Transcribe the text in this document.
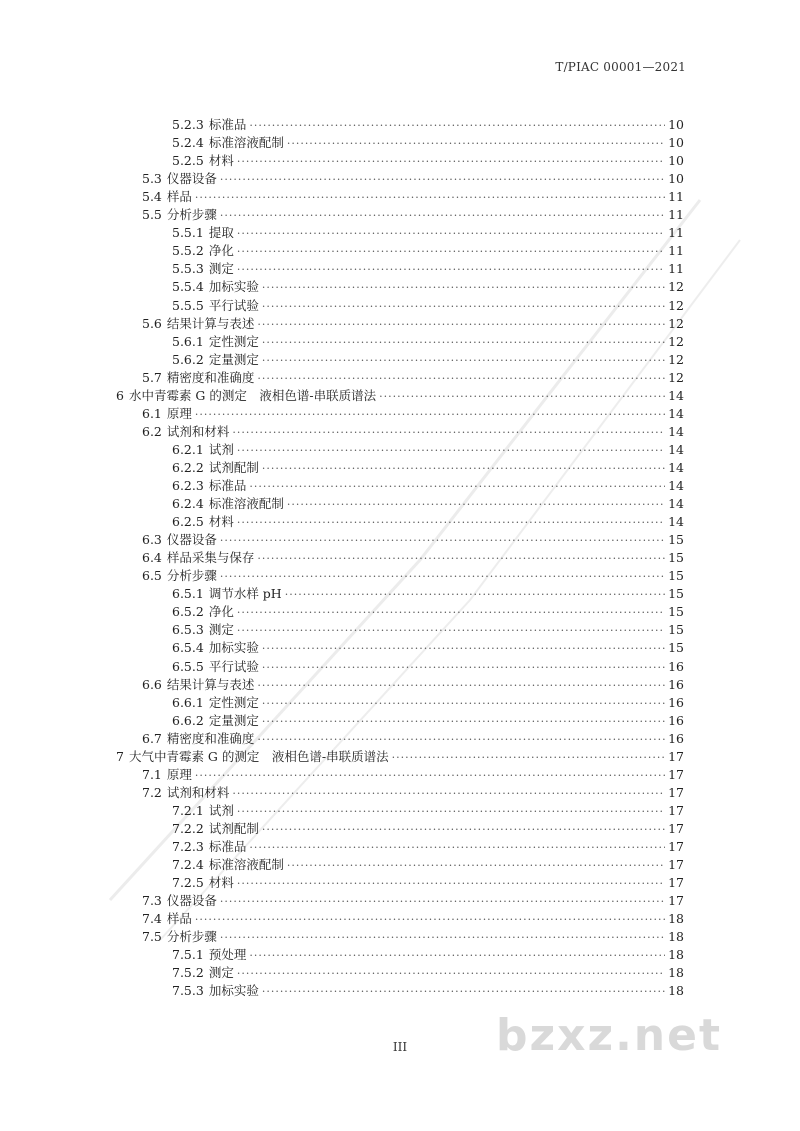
T/PIAC 00001—2021
5.2.3 标准品 ·····	10
5.2.4 标准溶液配制 ·····	10
5.2.5 材料 ·····	10
5.3 仪器设备 ·····	10
5.4 样品 ·····	11
5.5 分析步骤 ·····	11
5.5.1 提取 ·····	11
5.5.2 净化 ·····	11
5.5.3 测定 ·····	11
5.5.4 加标实验 ·····	12
5.5.5 平行试验 ·····	12
5.6 结果计算与表述 ·····	12
5.6.1 定性测定 ·····	12
5.6.2 定量测定 ·····	12
5.7 精密度和准确度 ·····	12
6 水中青霉素 G 的测定　液相色谱-串联质谱法 ·····	14
6.1 原理 ·····	14
6.2 试剂和材料 ·····	14
6.2.1 试剂 ·····	14
6.2.2 试剂配制 ·····	14
6.2.3 标准品 ·····	14
6.2.4 标准溶液配制 ·····	14
6.2.5 材料 ·····	14
6.3 仪器设备 ·····	15
6.4 样品采集与保存 ·····	15
6.5 分析步骤 ·····	15
6.5.1 调节水样 pH ·····	15
6.5.2 净化 ·····	15
6.5.3 测定 ·····	15
6.5.4 加标实验 ·····	15
6.5.5 平行试验 ·····	16
6.6 结果计算与表述 ·····	16
6.6.1 定性测定 ·····	16
6.6.2 定量测定 ·····	16
6.7 精密度和准确度 ·····	16
7 大气中青霉素 G 的测定　液相色谱-串联质谱法 ·····	17
7.1 原理 ·····	17
7.2 试剂和材料 ·····	17
7.2.1 试剂 ·····	17
7.2.2 试剂配制 ·····	17
7.2.3 标准品 ·····	17
7.2.4 标准溶液配制 ·····	17
7.2.5 材料 ·····	17
7.3 仪器设备 ·····	17
7.4 样品 ·····	18
7.5 分析步骤 ·····	18
7.5.1 预处理 ·····	18
7.5.2 测定 ·····	18
7.5.3 加标实验 ·····	18
bzxz.net
III
